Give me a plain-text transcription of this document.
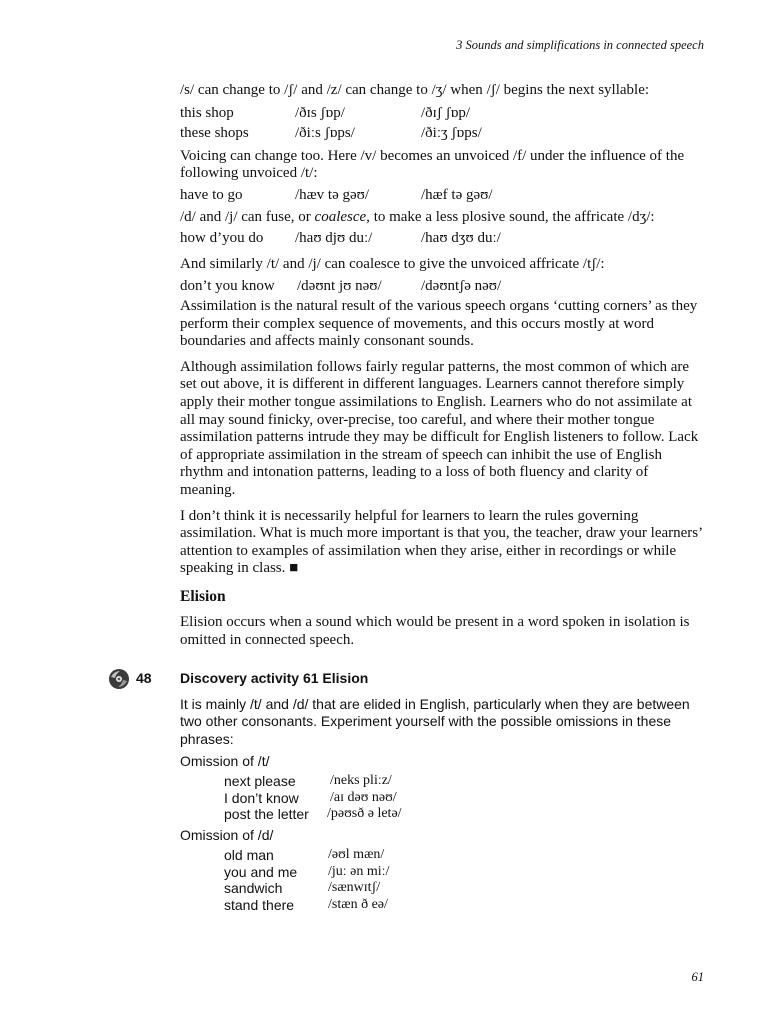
3 Sounds and simplifications in connected speech

/s/ can change to /ʃ/ and /z/ can change to /ʒ/ when /ʃ/ begins the next syllable:

this shop	/ðɪs ʃɒp/	/ðɪʃ ʃɒp/
these shops	/ðiːs ʃɒps/	/ðiːʒ ʃɒps/

Voicing can change too. Here /v/ becomes an unvoiced /f/ under the influence of the following unvoiced /t/:

have to go	/hæv tə gəʊ/	/hæf tə gəʊ/

/d/ and /j/ can fuse, or coalesce, to make a less plosive sound, the affricate /dʒ/:

how d’you do /haʊ djʊ duː/	/haʊ dʒʊ duː/

And similarly /t/ and /j/ can coalesce to give the unvoiced affricate /tʃ/:

don’t you know /dəʊnt jʊ nəʊ/	/dəʊntʃə nəʊ/

Assimilation is the natural result of the various speech organs ‘cutting corners’ as they perform their complex sequence of movements, and this occurs mostly at word boundaries and affects mainly consonant sounds.

Although assimilation follows fairly regular patterns, the most common of which are set out above, it is different in different languages. Learners cannot therefore simply apply their mother tongue assimilations to English. Learners who do not assimilate at all may sound finicky, over-precise, too careful, and where their mother tongue assimilation patterns intrude they may be difficult for English listeners to follow. Lack of appropriate assimilation in the stream of speech can inhibit the use of English rhythm and intonation patterns, leading to a loss of both fluency and clarity of meaning.

I don’t think it is necessarily helpful for learners to learn the rules governing assimilation. What is much more important is that you, the teacher, draw your learners’ attention to examples of assimilation when they arise, either in recordings or while speaking in class. ■

Elision

Elision occurs when a sound which would be present in a word spoken in isolation is omitted in connected speech.

48 Discovery activity 61 Elision

It is mainly /t/ and /d/ that are elided in English, particularly when they are between two other consonants. Experiment yourself with the possible omissions in these phrases:

Omission of /t/
next please /neks pliːz/
I don’t know /aɪ dəʊ nəʊ/
post the letter /pəʊsð ə letə/
Omission of /d/
old man	/əʊl mæn/
you and me /juː ən miː/
sandwich	/sænwɪtʃ/
stand there /stæn ð eə/
61
